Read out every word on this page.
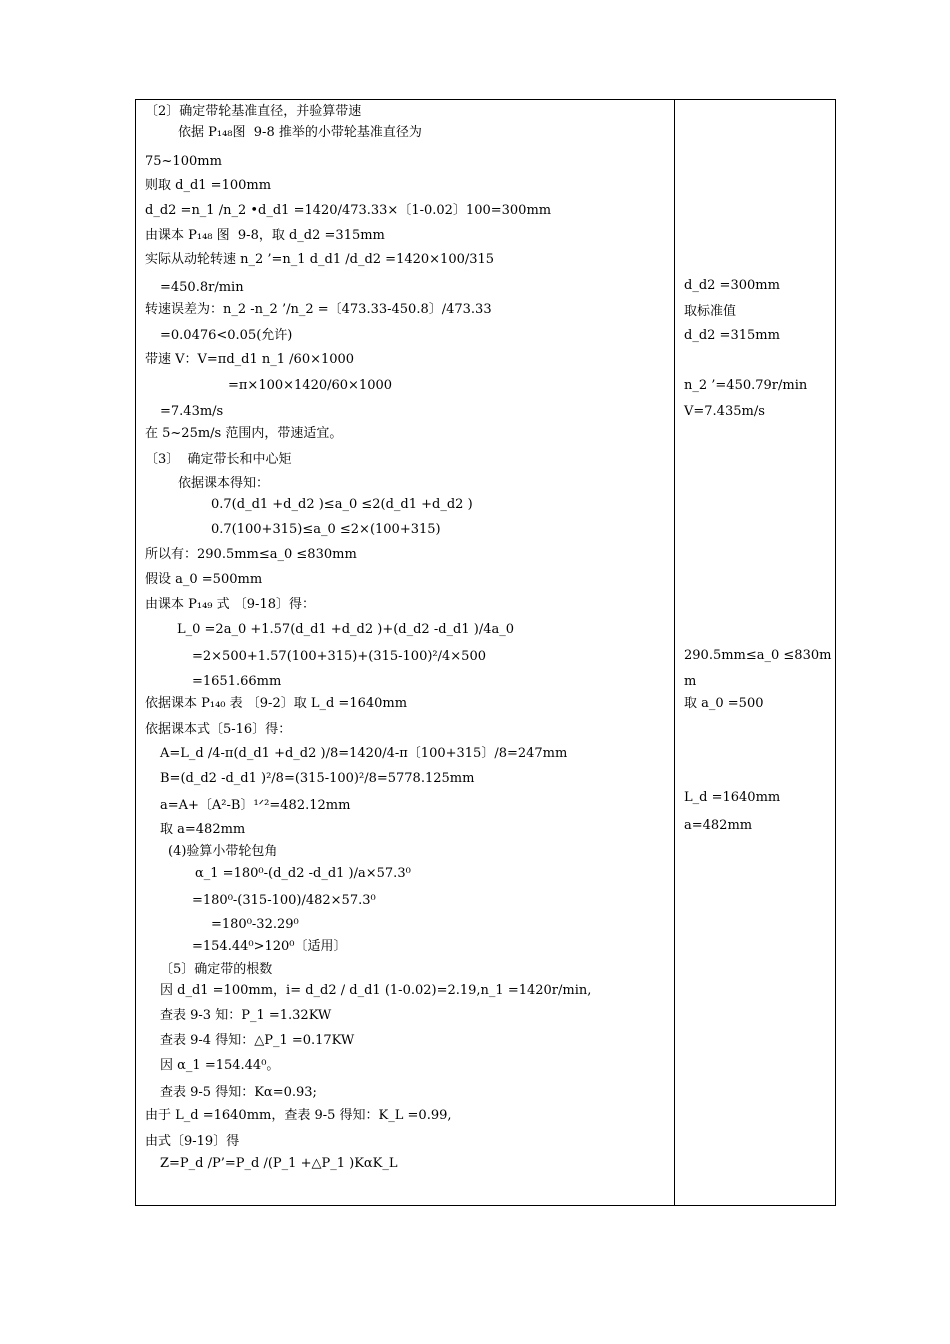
〔2〕确定带轮基准直径，并验算带速
依据 P₁₄₈图  9-8 推举的小带轮基准直径为
75~100mm
则取 d_d1 =100mm
d_d2 =n_1 /n_2 •d_d1 =1420/473.33×〔1-0.02〕100=300mm
由课本 P₁₄₈ 图  9-8，取 d_d2 =315mm
实际从动轮转速 n_2 ’=n_1 d_d1 /d_d2 =1420×100/315
=450.8r/min
转速误差为：n_2 -n_2 ’/n_2 =〔473.33-450.8〕/473.33
=0.0476<0.05(允许)
带速 V：V=πd_d1 n_1 /60×1000
=π×100×1420/60×1000
=7.43m/s
在 5~25m/s 范围内，带速适宜。
〔3〕  确定带长和中心矩
依据课本得知：
0.7(d_d1 +d_d2 )≤a_0 ≤2(d_d1 +d_d2 )
0.7(100+315)≤a_0 ≤2×(100+315)
所以有：290.5mm≤a_0 ≤830mm
假设 a_0 =500mm
由课本 P₁₄₉ 式 〔9-18〕得：
L_0 =2a_0 +1.57(d_d1 +d_d2 )+(d_d2 -d_d1 )/4a_0
=2×500+1.57(100+315)+(315-100)²/4×500
=1651.66mm
依据课本 P₁₄₀ 表 〔9-2〕取 L_d =1640mm
依据课本式〔5-16〕得：
A=L_d /4-π(d_d1 +d_d2 )/8=1420/4-π〔100+315〕/8=247mm
B=(d_d2 -d_d1 )²/8=(315-100)²/8=5778.125mm
a=A+〔A²-B〕¹ᐟ²=482.12mm
取 a=482mm
(4)验算小带轮包角
α_1 =180⁰-(d_d2 -d_d1 )/a×57.3⁰
=180⁰-(315-100)/482×57.3⁰
=180⁰-32.29⁰
=154.44⁰>120⁰〔适用〕
〔5〕确定带的根数
因 d_d1 =100mm，i= d_d2 / d_d1 (1-0.02)=2.19,n_1 =1420r/min,
查表 9-3 知：P_1 =1.32KW
查表 9-4 得知：△P_1 =0.17KW
因 α_1 =154.44⁰。
查表 9-5 得知：Kα=0.93;
由于 L_d =1640mm，查表 9-5 得知：K_L =0.99,
由式〔9-19〕得
Z=P_d /P’=P_d /(P_1 +△P_1 )KαK_L
d_d2 =300mm
取标准值
d_d2 =315mm
n_2 ’=450.79r/min
V=7.435m/s
290.5mm≤a_0 ≤830m
m
取 a_0 =500
L_d =1640mm
a=482mm
